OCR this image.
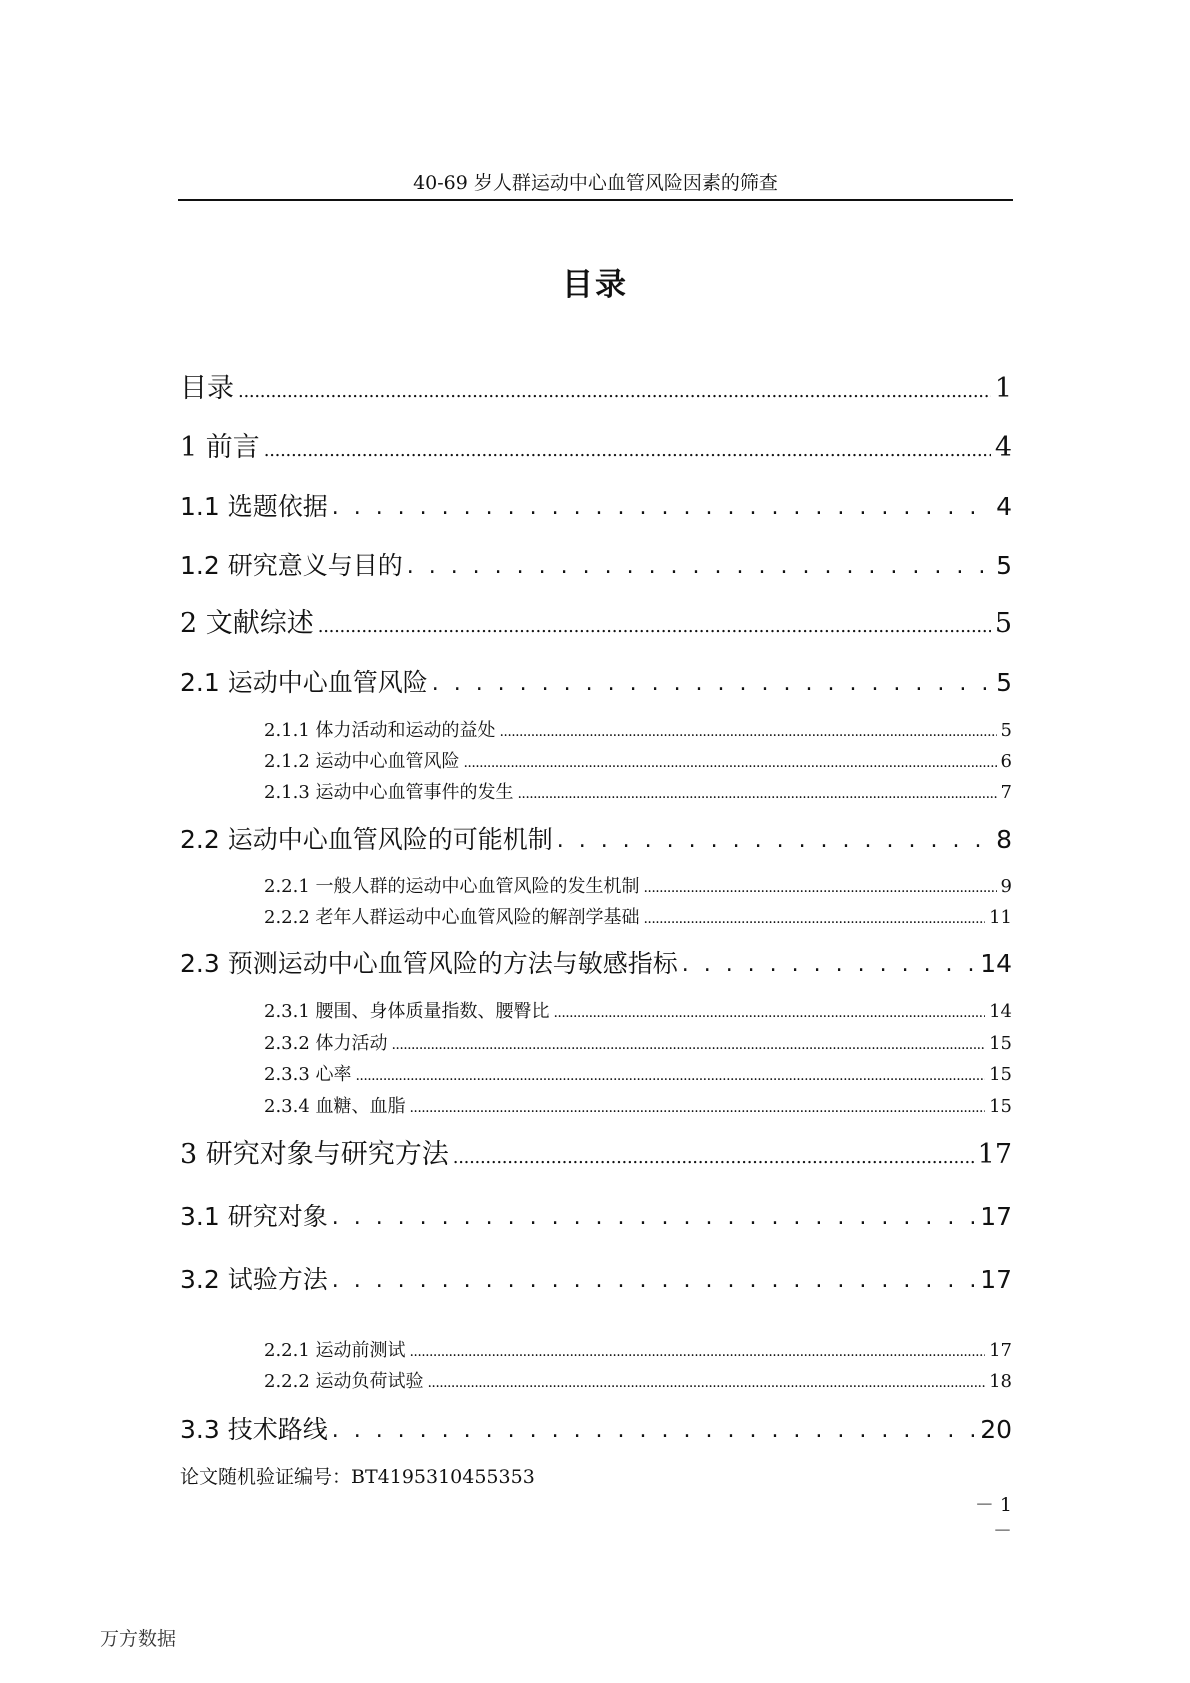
40-69 岁人群运动中心血管风险因素的筛查
目录
目录 . . .	1
1 前言 . . .	4
1.1 选题依据 . . .	4
1.2 研究意义与目的 . . .	5
2 文献综述 . . .	5
2.1 运动中心血管风险 . . .	5
2.1.1 体力活动和运动的益处 . . .	5
2.1.2 运动中心血管风险 . . .	6
2.1.3 运动中心血管事件的发生 . . .	7
2.2 运动中心血管风险的可能机制 . . .	8
2.2.1 一般人群的运动中心血管风险的发生机制 . . .	9
2.2.2 老年人群运动中心血管风险的解剖学基础 . . .	11
2.3 预测运动中心血管风险的方法与敏感指标 . . .	14
2.3.1 腰围、身体质量指数、腰臀比 . . .	14
2.3.2 体力活动 . . .	15
2.3.3 心率 . . .	15
2.3.4 血糖、血脂 . . .	15
3 研究对象与研究方法 . . .	17
3.1 研究对象 . . .	17
3.2 试验方法 . . .	17
2.2.1 运动前测试 . . .	17
2.2.2 运动负荷试验 . . .	18
3.3 技术路线 . . .	20
论文随机验证编号：BT4195310455353
－ 1 －
万方数据
